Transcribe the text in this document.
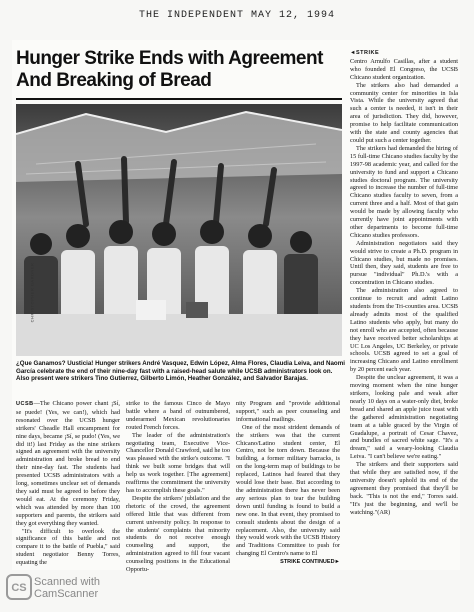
THE INDEPENDENT MAY 12, 1994
Hunger Strike Ends with Agreement
And Breaking of Bread
CHRISTOPHER GARDNER
¿Que Ganamos? Uusticia! Hunger strikers André Vasquez, Edwin López, Alma Flores, Claudia Leiva, and Naomi García celebrate the end of their nine-day fast with a raised-head salute while UCSB administrators look on. Also present were strikers Tino Gutierrez, Gilberto Limón, Heather González, and Salvador Barajas.

UCSB—The Chicano power chant ¡Sí, se puede! (Yes, we can!), which had resonated over the UCSB hunger strikers' Cheadle Hall encampment for nine days, became ¡Sí, se pudo! (Yes, we did it!) last Friday as the nine strikers signed an agreement with the university administration and broke bread to end their nine-day fast. The students had presented UCSB administrators with a long, sometimes unclear set of demands they said must be agreed to before they would eat. At the ceremony Friday, which was attended by more than 100 supporters and parents, the strikers said they got everything they wanted.

"It's difficult to overlook the significance of this battle and not compare it to the battle of Puebla," said student negotiator Benny Torres, equating the

strike to the famous Cinco de Mayo battle where a band of outnumbered, underarmed Mexican revolutionaries routed French forces.

The leader of the administration's negotiating team, Executive Vice-Chancellor Donald Crawford, said he too was pleased with the strike's outcome. "I think we built some bridges that will help us work together. [The agreement] reaffirms the commitment the university has to accomplish these goals."

Despite the strikers' jubilation and the rhetoric of the crowd, the agreement offered little that was different from current university policy. In response to the students' complaints that minority students do not receive enough counseling and support, the administration agreed to fill four vacant counseling positions in the Educational Opportu-

nity Program and "provide additional support," such as peer counseling and informational mailings.

One of the most strident demands of the strikers was that the current Chicano/Latino student center, El Centro, not be torn down. Because the building, a former military barracks, is on the long-term map of buildings to be replaced, Latinos had feared that they would lose their base. But according to the administration there has never been any serious plan to tear the building down until funding is found to build a new one. In that event, they promised to consult students about the design of a replacement. Also, the university said they would work with the UCSB History and Traditions Committee to push for changing El Centro's name to El

STRIKE CONTINUED►
◄STRIKE

Centro Arnulfo Casillas, after a student who founded El Congreso, the UCSB Chicano student organization.

The strikers also had demanded a community center for minorities in Isla Vista. While the university agreed that such a center is needed, it isn't in their area of jurisdiction. They did, however, promise to help facilitate communication with the state and county agencies that could put such a center together.

The strikers had demanded the hiring of 15 full-time Chicano studies faculty by the 1997-98 academic year, and called for the university to fund and support a Chicano studies doctoral program. The university agreed to increase the number of full-time Chicano studies faculty to seven, from a current three and a half. Most of that gain would be made by allowing faculty who currently have joint appointments with other departments to become full-time Chicano studies professors.

Administration negotiators said they would strive to create a Ph.D. program in Chicano studies, but made no promises. Until then, they said, students are free to pursue "individual" Ph.D.'s with a concentration in Chicano studies.

The administration also agreed to continue to recruit and admit Latino students from the Tri-counties area. UCSB already admits most of the qualified Latino students who apply, but many do not enroll who are accepted, often because they have received better scholarships at UC Los Angeles, UC Berkeley, or private schools. UCSB agreed to set a goal of increasing Chicano and Latino enrollment by 20 percent each year.

Despite the unclear agreement, it was a moving moment when the nine hunger strikers, looking pale and weak after nearly 10 days on a water-only diet, broke bread and shared an apple juice toast with the gathered administration negotiating team at a table graced by the Virgin of Guadalupe, a portrait of Cesar Chavez, and bundles of sacred white sage. "It's a dream," said a weary-looking Claudia Leiva. "I can't believe we're eating."

The strikers and their supporters said that while they are satisfied now, if the university doesn't uphold its end of the agreement they promised that they'll be back. "This is not the end," Torres said. "It's just the beginning, and we'll be watching."(AR)

CS Scanned with
CamScanner
